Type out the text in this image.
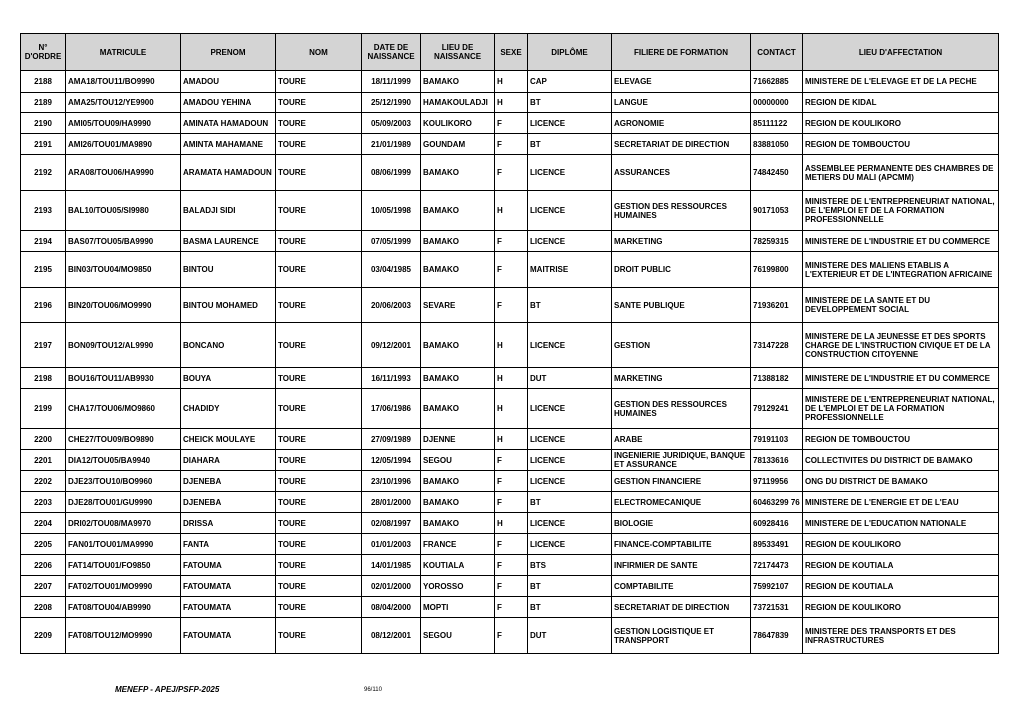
N° D'ORDRE	MATRICULE	PRENOM	NOM	DATE DE NAISSANCE	LIEU DE NAISSANCE	SEXE	DIPLÔME	FILIERE DE FORMATION	CONTACT	LIEU D'AFFECTATION
2188	AMA18/TOU11/BO9990	AMADOU	TOURE	18/11/1999	BAMAKO	H	CAP	ELEVAGE	71662885	MINISTERE DE L'ELEVAGE ET DE LA PECHE
2189	AMA25/TOU12/YE9900	AMADOU YEHINA	TOURE	25/12/1990	HAMAKOULADJI	H	BT	LANGUE	00000000	REGION DE KIDAL
2190	AMI05/TOU09/HA9990	AMINATA HAMADOUN	TOURE	05/09/2003	KOULIKORO	F	LICENCE	AGRONOMIE	85111122	REGION DE KOULIKORO
2191	AMI26/TOU01/MA9890	AMINTA MAHAMANE	TOURE	21/01/1989	GOUNDAM	F	BT	SECRETARIAT DE DIRECTION	83881050	REGION DE TOMBOUCTOU
2192	ARA08/TOU06/HA9990	ARAMATA HAMADOUN	TOURE	08/06/1999	BAMAKO	F	LICENCE	ASSURANCES	74842450	ASSEMBLEE PERMANENTE DES CHAMBRES DE METIERS DU MALI (APCMM)
2193	BAL10/TOU05/SI9980	BALADJI SIDI	TOURE	10/05/1998	BAMAKO	H	LICENCE	GESTION DES RESSOURCES HUMAINES	90171053	MINISTERE DE L'ENTREPRENEURIAT NATIONAL, DE L'EMPLOI ET DE LA FORMATION PROFESSIONNELLE
2194	BAS07/TOU05/BA9990	BASMA LAURENCE	TOURE	07/05/1999	BAMAKO	F	LICENCE	MARKETING	78259315	MINISTERE DE L'INDUSTRIE ET DU COMMERCE
2195	BIN03/TOU04/MO9850	BINTOU	TOURE	03/04/1985	BAMAKO	F	MAITRISE	DROIT PUBLIC	76199800	MINISTERE DES MALIENS ETABLIS A L'EXTERIEUR ET DE L'INTEGRATION AFRICAINE
2196	BIN20/TOU06/MO9990	BINTOU MOHAMED	TOURE	20/06/2003	SEVARE	F	BT	SANTE PUBLIQUE	71936201	MINISTERE DE LA SANTE ET DU DEVELOPPEMENT SOCIAL
2197	BON09/TOU12/AL9990	BONCANO	TOURE	09/12/2001	BAMAKO	H	LICENCE	GESTION	73147228	MINISTERE DE LA JEUNESSE ET DES SPORTS CHARGE DE L'INSTRUCTION CIVIQUE ET DE LA CONSTRUCTION CITOYENNE
2198	BOU16/TOU11/AB9930	BOUYA	TOURE	16/11/1993	BAMAKO	H	DUT	MARKETING	71388182	MINISTERE DE L'INDUSTRIE ET DU COMMERCE
2199	CHA17/TOU06/MO9860	CHADIDY	TOURE	17/06/1986	BAMAKO	H	LICENCE	GESTION DES RESSOURCES HUMAINES	79129241	MINISTERE DE L'ENTREPRENEURIAT NATIONAL, DE L'EMPLOI ET DE LA FORMATION PROFESSIONNELLE
2200	CHE27/TOU09/BO9890	CHEICK MOULAYE	TOURE	27/09/1989	DJENNE	H	LICENCE	ARABE	79191103	REGION DE TOMBOUCTOU
2201	DIA12/TOU05/BA9940	DIAHARA	TOURE	12/05/1994	SEGOU	F	LICENCE	INGENIERIE JURIDIQUE, BANQUE ET ASSURANCE	78133616	COLLECTIVITES DU DISTRICT DE BAMAKO
2202	DJE23/TOU10/BO9960	DJENEBA	TOURE	23/10/1996	BAMAKO	F	LICENCE	GESTION FINANCIERE	97119956	ONG DU DISTRICT DE BAMAKO
2203	DJE28/TOU01/GU9990	DJENEBA	TOURE	28/01/2000	BAMAKO	F	BT	ELECTROMECANIQUE	60463299 76	MINISTERE DE L'ENERGIE ET DE L'EAU
2204	DRI02/TOU08/MA9970	DRISSA	TOURE	02/08/1997	BAMAKO	H	LICENCE	BIOLOGIE	60928416	MINISTERE DE L'EDUCATION NATIONALE
2205	FAN01/TOU01/MA9990	FANTA	TOURE	01/01/2003	FRANCE	F	LICENCE	FINANCE-COMPTABILITE	89533491	REGION DE KOULIKORO
2206	FAT14/TOU01/FO9850	FATOUMA	TOURE	14/01/1985	KOUTIALA	F	BTS	INFIRMIER DE SANTE	72174473	REGION DE KOUTIALA
2207	FAT02/TOU01/MO9990	FATOUMATA	TOURE	02/01/2000	YOROSSO	F	BT	COMPTABILITE	75992107	REGION DE KOUTIALA
2208	FAT08/TOU04/AB9990	FATOUMATA	TOURE	08/04/2000	MOPTI	F	BT	SECRETARIAT DE DIRECTION	73721531	REGION DE KOULIKORO
2209	FAT08/TOU12/MO9990	FATOUMATA	TOURE	08/12/2001	SEGOU	F	DUT	GESTION LOGISTIQUE ET TRANSPPORT	78647839	MINISTERE DES TRANSPORTS ET DES INFRASTRUCTURES
MENEFP - APEJ/PSFP-2025	96/110
